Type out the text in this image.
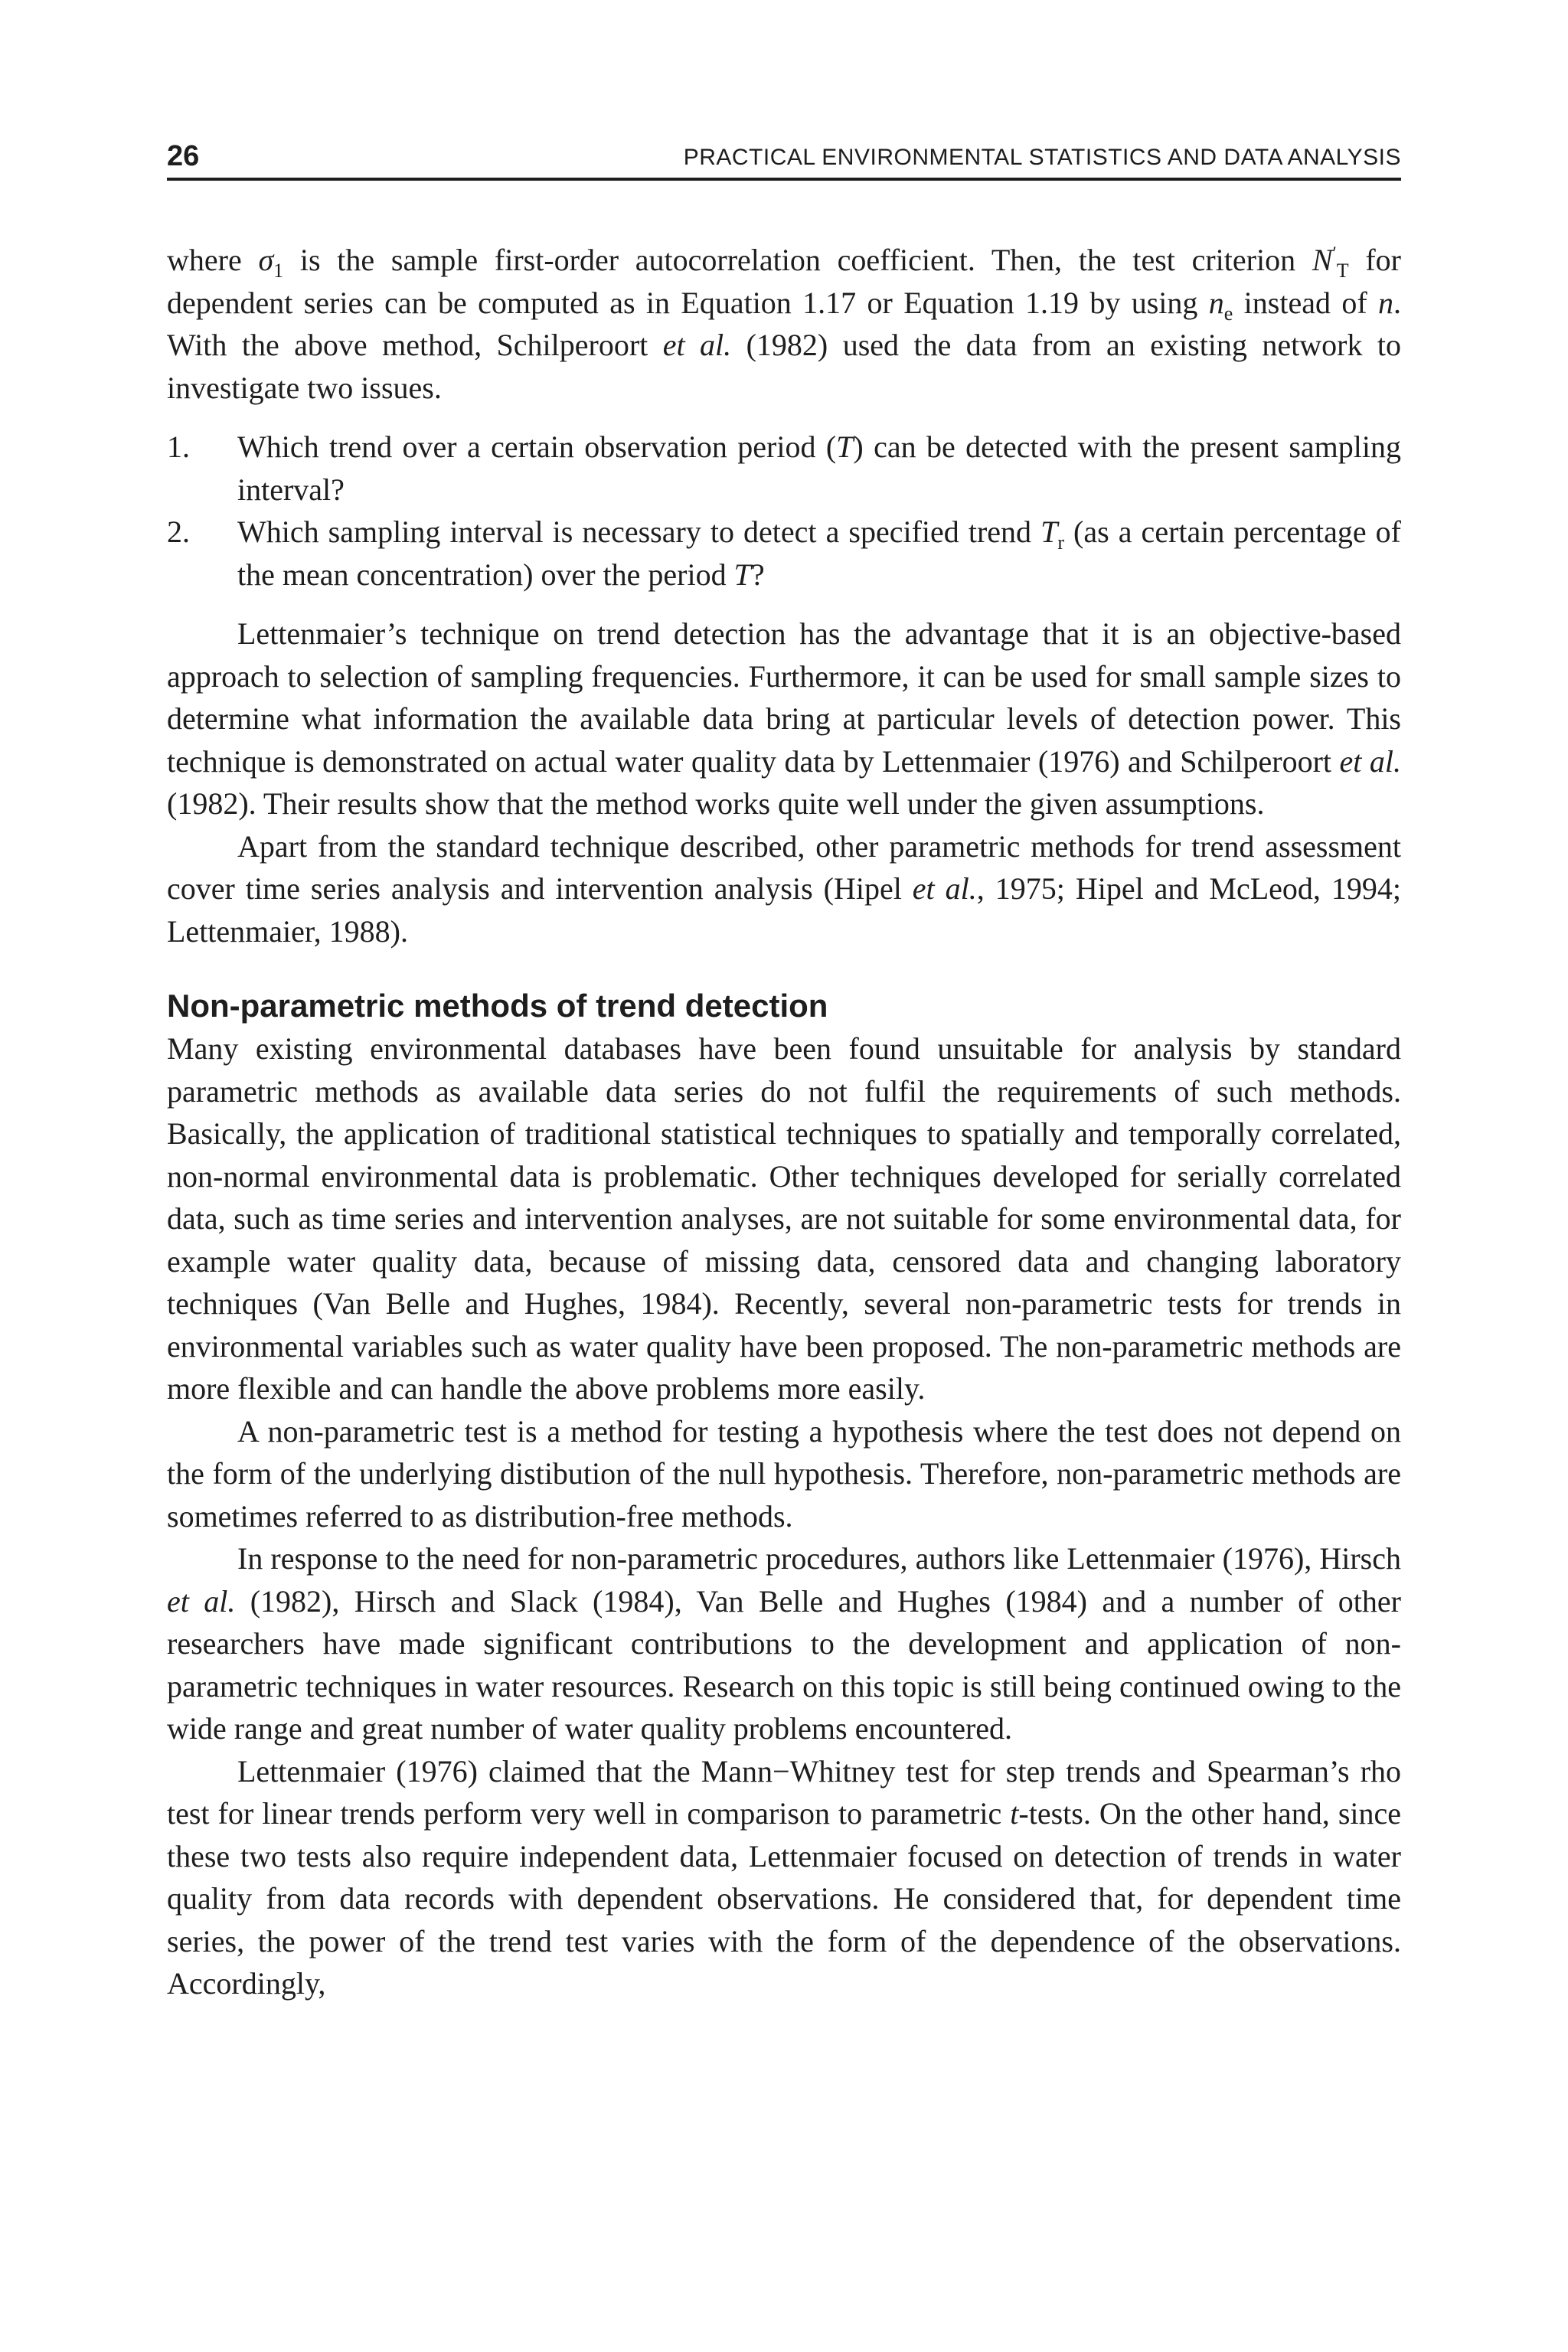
26	PRACTICAL ENVIRONMENTAL STATISTICS AND DATA ANALYSIS

where $\sigma_1$ is the sample first-order autocorrelation coefficient. Then, the test criterion $N'_T$ for dependent series can be computed as in Equation 1.17 or Equation 1.19 by using $n_e$ instead of n. With the above method, Schilperoort et al. (1982) used the data from an existing network to investigate two issues.

1. Which trend over a certain observation period (T) can be detected with the present sampling interval?
2. Which sampling interval is necessary to detect a specified trend $T_r$ (as a certain percentage of the mean concentration) over the period T?

Lettenmaier’s technique on trend detection has the advantage that it is an objective-based approach to selection of sampling frequencies. Furthermore, it can be used for small sample sizes to determine what information the available data bring at particular levels of detection power. This technique is demonstrated on actual water quality data by Lettenmaier (1976) and Schilperoort et al. (1982). Their results show that the method works quite well under the given assumptions.

Apart from the standard technique described, other parametric methods for trend assessment cover time series analysis and intervention analysis (Hipel et al., 1975; Hipel and McLeod, 1994; Lettenmaier, 1988).

Non-parametric methods of trend detection

Many existing environmental databases have been found unsuitable for analysis by standard parametric methods as available data series do not fulfil the requirements of such methods. Basically, the application of traditional statistical techniques to spatially and temporally correlated, non-normal environmental data is problematic. Other techniques developed for serially correlated data, such as time series and intervention analyses, are not suitable for some environmental data, for example water quality data, because of missing data, censored data and changing laboratory techniques (Van Belle and Hughes, 1984). Recently, several non-parametric tests for trends in environmental variables such as water quality have been proposed. The non-parametric methods are more flexible and can handle the above problems more easily.

A non-parametric test is a method for testing a hypothesis where the test does not depend on the form of the underlying distibution of the null hypothesis. Therefore, non-parametric methods are sometimes referred to as distribution-free methods.

In response to the need for non-parametric procedures, authors like Lettenmaier (1976), Hirsch et al. (1982), Hirsch and Slack (1984), Van Belle and Hughes (1984) and a number of other researchers have made significant contributions to the development and application of non-parametric techniques in water resources. Research on this topic is still being continued owing to the wide range and great number of water quality problems encountered.

Lettenmaier (1976) claimed that the Mann−Whitney test for step trends and Spearman’s rho test for linear trends perform very well in comparison to parametric t-tests. On the other hand, since these two tests also require independent data, Lettenmaier focused on detection of trends in water quality from data records with dependent observations. He considered that, for dependent time series, the power of the trend test varies with the form of the dependence of the observations. Accordingly,
